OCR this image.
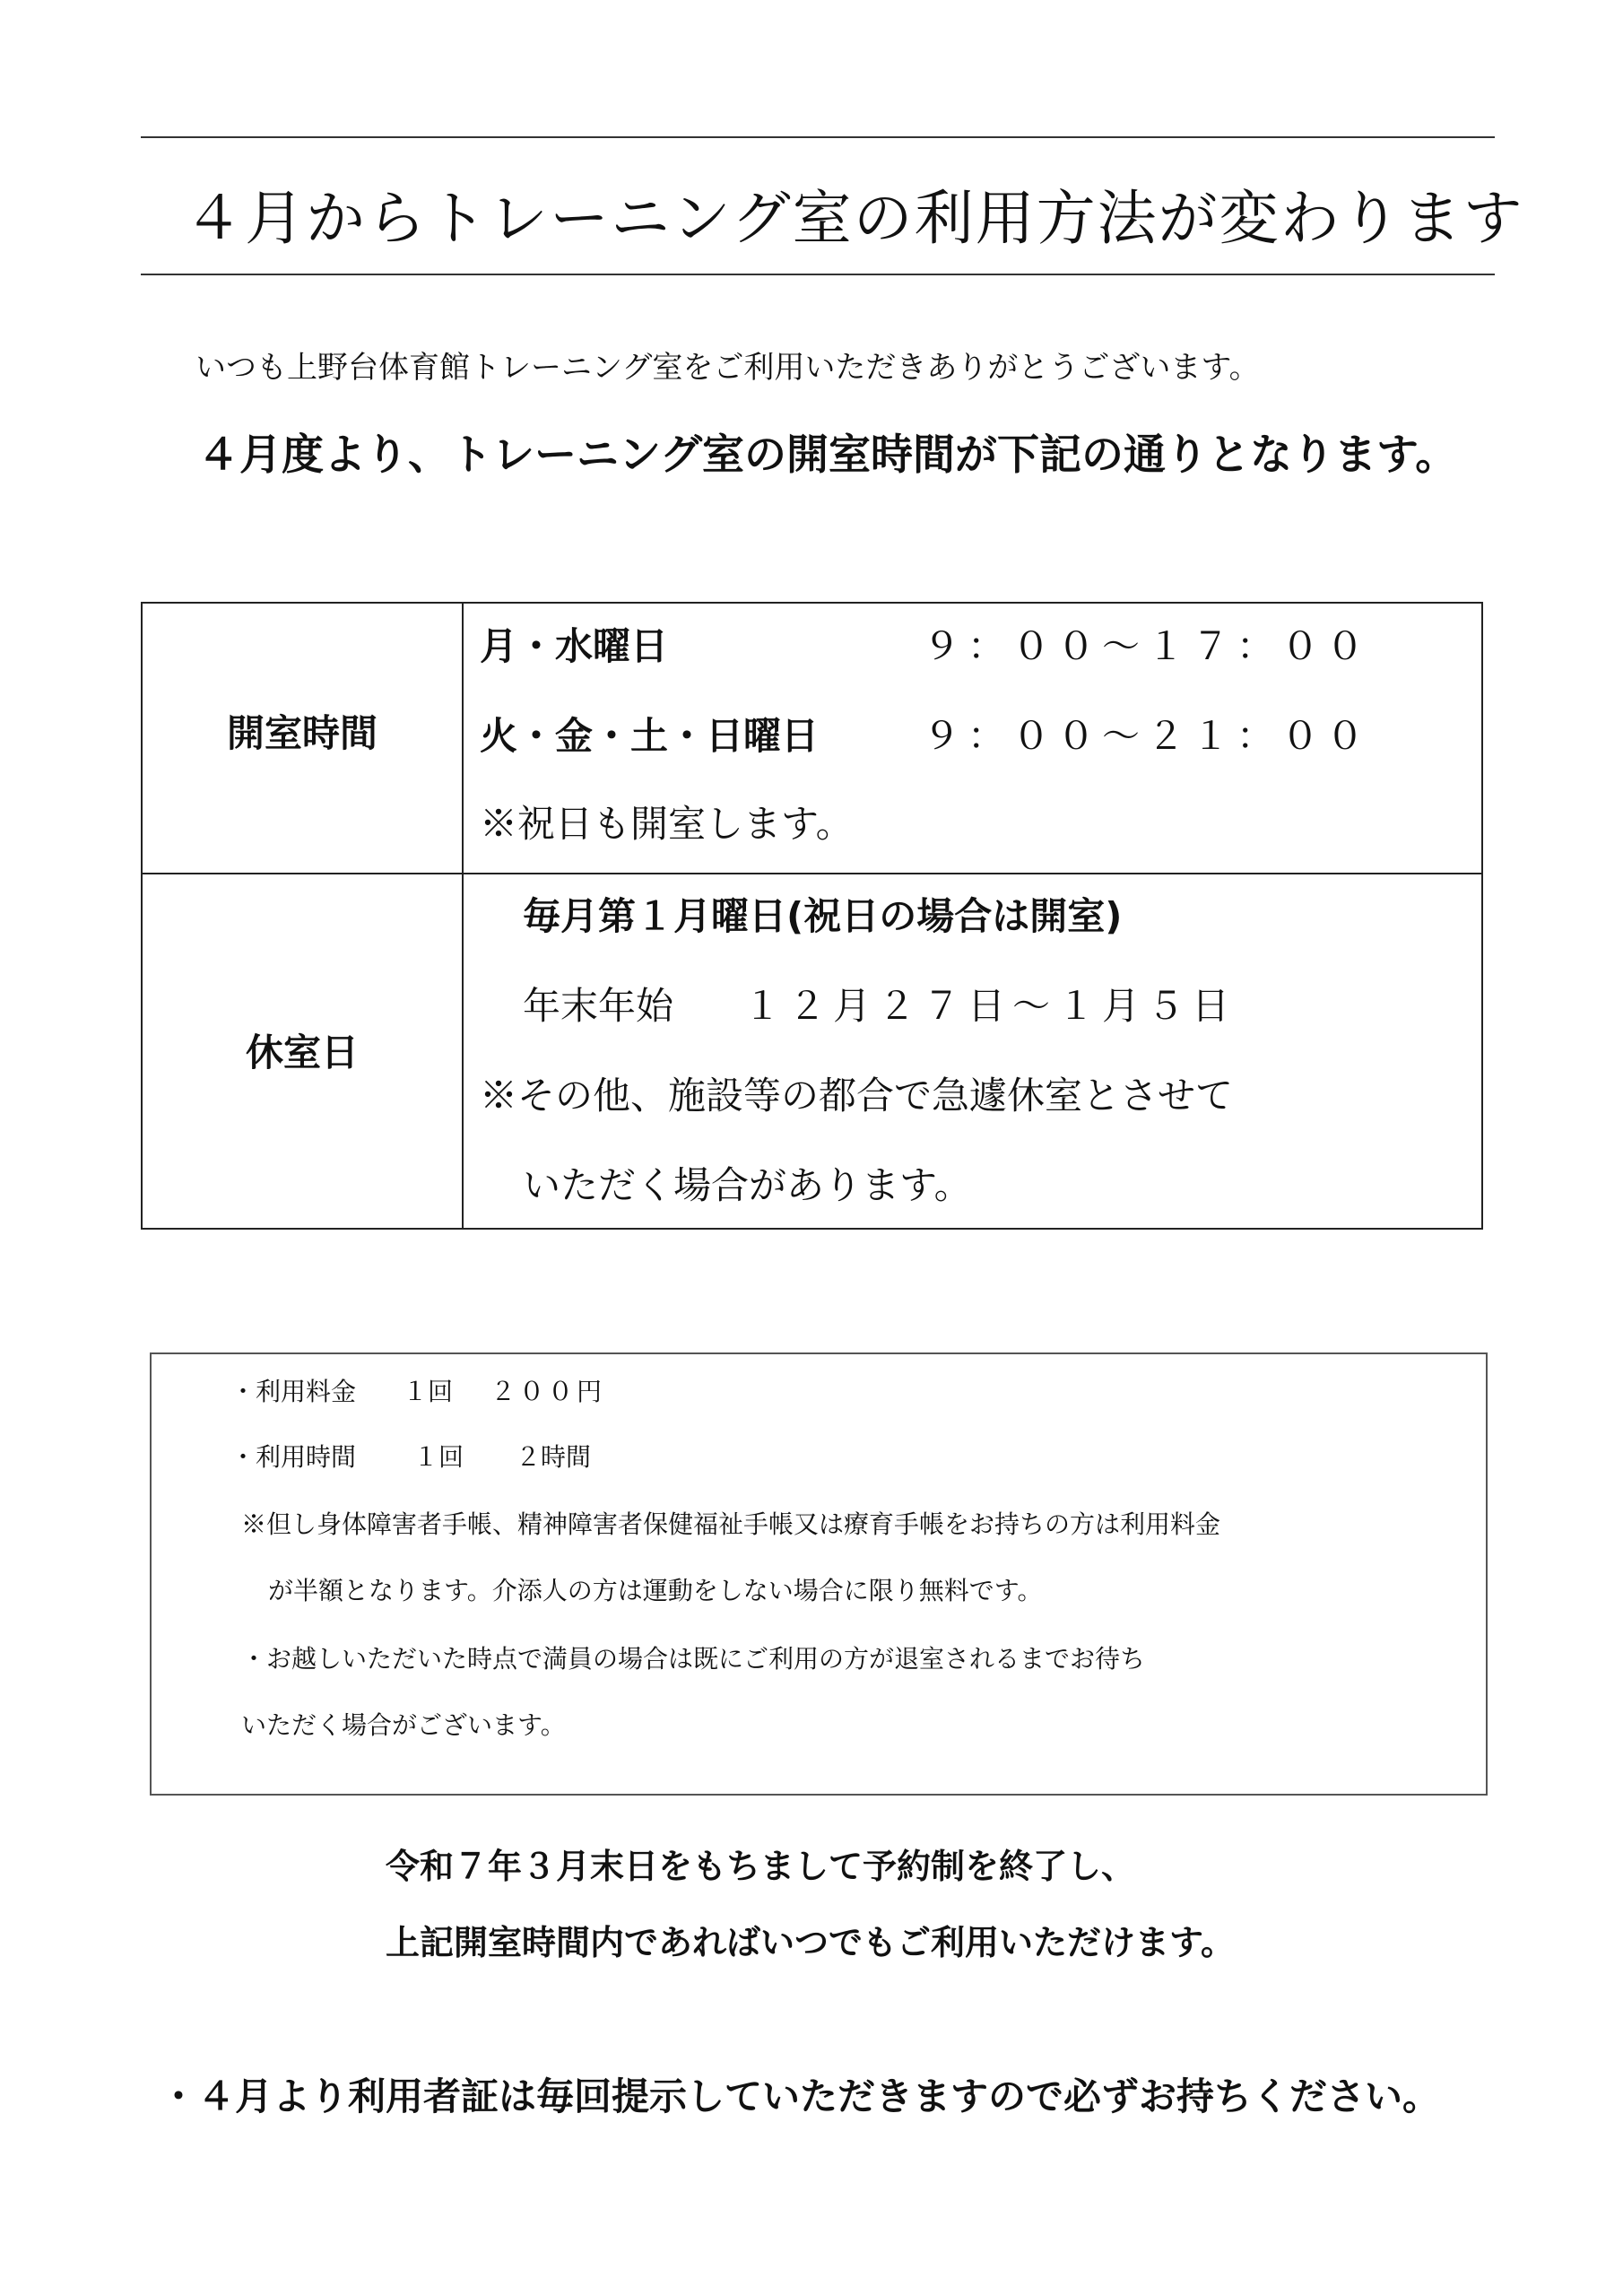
４月からトレーニング室の利用方法が変わります
いつも上野台体育館トレーニング室をご利用いただきありがとうございます。
４月度より、トレーニング室の開室時間が下記の通りとなります。
開室時間
月・水曜日	９：００～１７：００
火・金・土・日曜日	９：００～２１：００
※祝日も開室します。
休室日
毎月第１月曜日(祝日の場合は開室)
年末年始 １２月２７日～１月５日
※その他、施設等の都合で急遽休室とさせて
いただく場合があります。
・利用料金 １回 ２００円
・利用時間 １回 ２時間
※但し身体障害者手帳、精神障害者保健福祉手帳又は療育手帳をお持ちの方は利用料金
が半額となります。介添人の方は運動をしない場合に限り無料です。
・お越しいただいた時点で満員の場合は既にご利用の方が退室されるまでお待ち
いただく場合がございます。
令和７年３月末日をもちまして予約制を終了し、
上記開室時間内であればいつでもご利用いただけます。
・４月より利用者証は毎回提示していただきますので必ずお持ちください。
